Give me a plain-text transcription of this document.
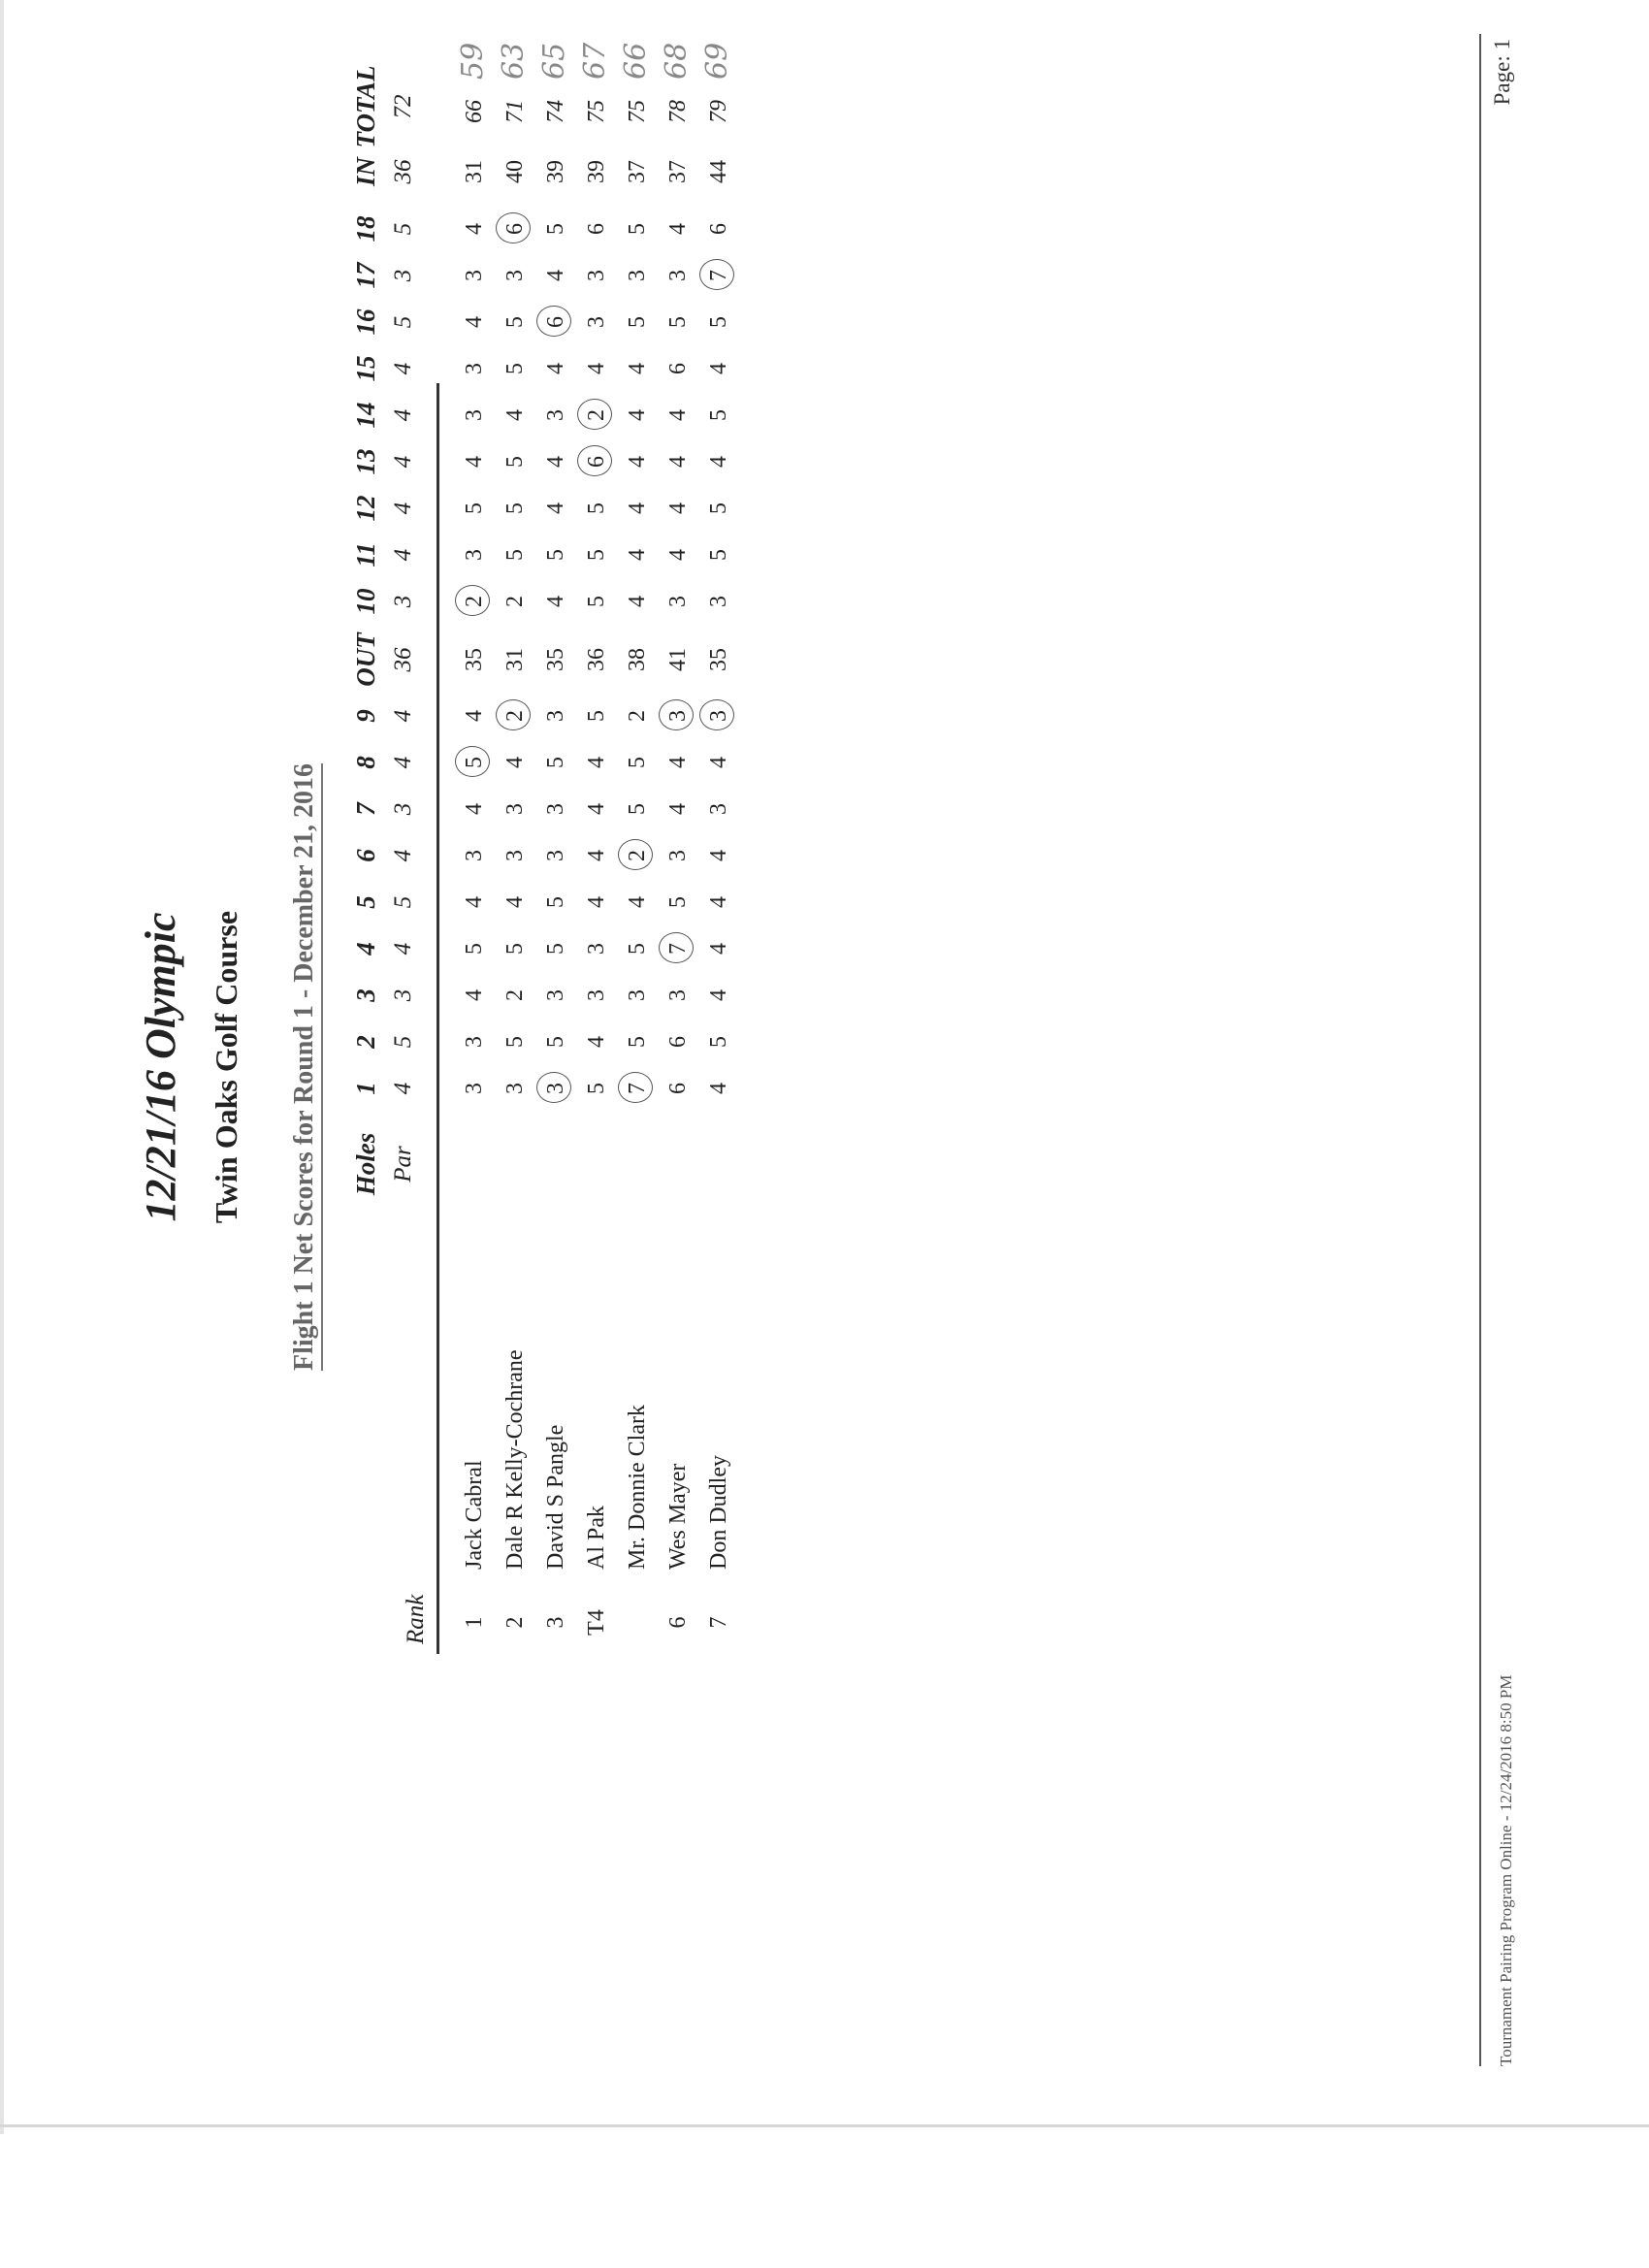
12/21/16 Olympic Twin Oaks Golf Course Flight 1 Net Scores for Round 1 - December 21, 2016
Rank
Holes Par
1 4
2 5
3 3
4 4
5 5
6 4
7 3
8 4
9 4
OUT 36
10 3
11 4
12 4
13 4
14 4
15 4
16 5
17 3
18 5
IN 36
TOTAL 72
1
Jack Cabral
3
3
4
5
4
3
4
5
4
35
2
3
5
4
3
3
4
3
4
31
66
59
2
Dale R Kelly-Cochrane
3
5
2
5
4
3
3
4
2
31
2
5
5
5
4
5
5
3
6
40
71
63
3
David S Pangle
3
5
3
5
5
3
3
5
3
35
4
5
4
4
3
4
6
4
5
39
74
65
T4
Al Pak
5
4
3
3
4
4
4
4
5
36
5
5
5
6
2
4
3
3
6
39
75
67
Mr. Donnie Clark
7
5
3
5
4
2
5
5
2
38
4
4
4
4
4
4
5
3
5
37
75
66
6
Wes Mayer
6
6
3
7
5
3
4
4
3
41
3
4
4
4
4
6
5
3
4
37
78
68
7
Don Dudley
4
5
4
4
4
4
3
4
3
35
3
5
5
4
5
4
5
7
6
44
79
69
Tournament Pairing Program Online - 12/24/2016 8:50 PM
Page: 1
